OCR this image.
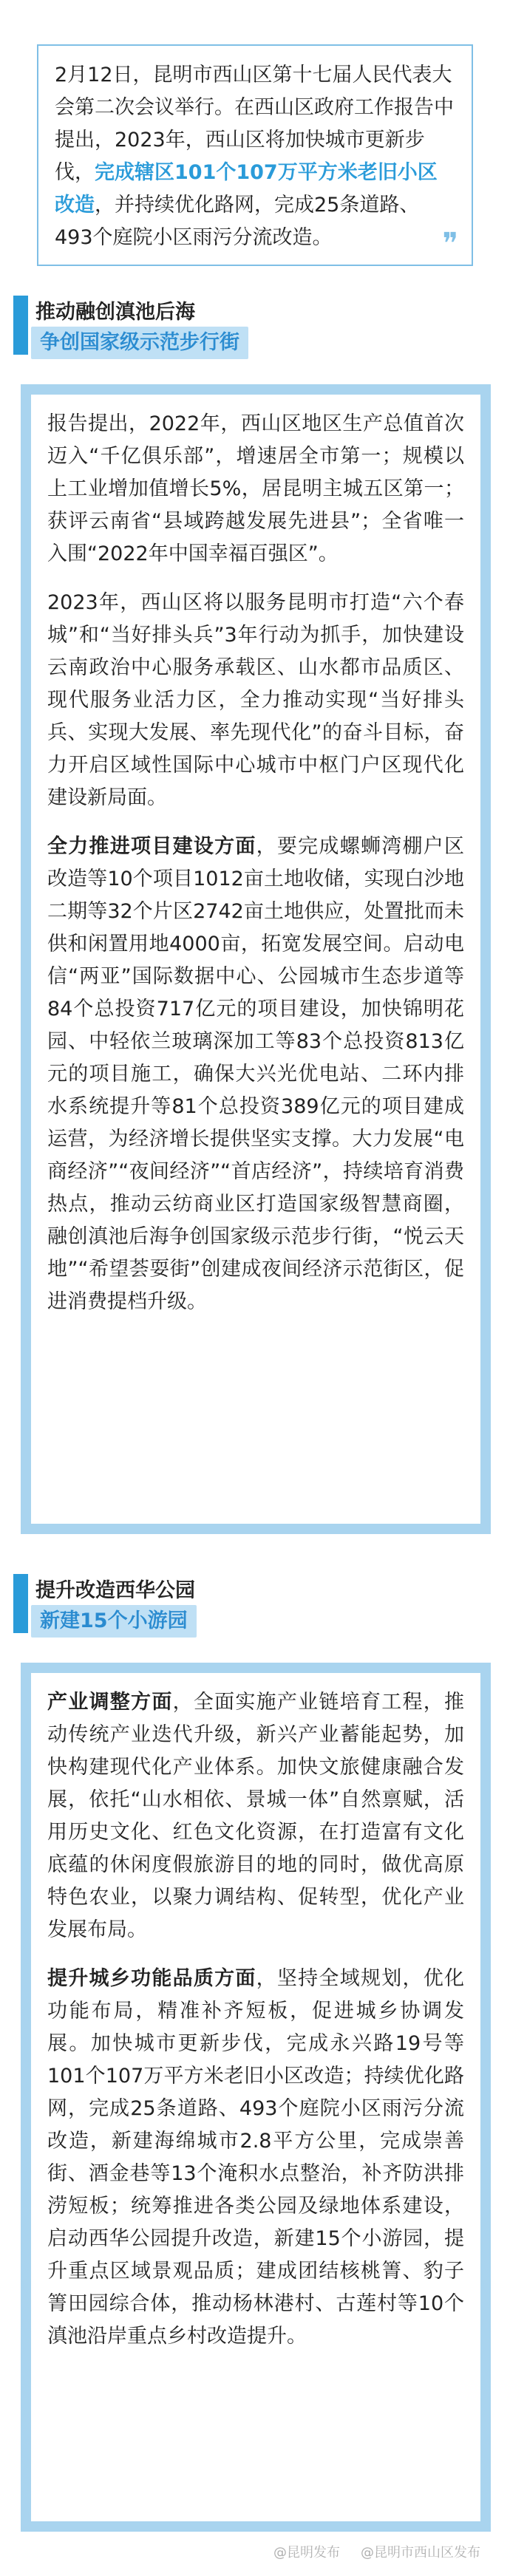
2月12日，昆明市西山区第十七届人民代表大会第二次会议举行。在西山区政府工作报告中提出，2023年，西山区将加快城市更新步伐，完成辖区101个107万平方米老旧小区改造，并持续优化路网，完成25条道路、493个庭院小区雨污分流改造。	❞
推动融创滇池后海
争创国家级示范步行街

报告提出，2022年，西山区地区生产总值首次迈入“千亿俱乐部”，增速居全市第一；规模以上工业增加值增长5%，居昆明主城五区第一；获评云南省“县域跨越发展先进县”；全省唯一入围“2022年中国幸福百强区”。

2023年，西山区将以服务昆明市打造“六个春城”和“当好排头兵”3年行动为抓手，加快建设云南政治中心服务承载区、山水都市品质区、现代服务业活力区，全力推动实现“当好排头兵、实现大发展、率先现代化”的奋斗目标，奋力开启区域性国际中心城市中枢门户区现代化建设新局面。

全力推进项目建设方面，要完成螺蛳湾棚户区改造等10个项目1012亩土地收储，实现白沙地二期等32个片区2742亩土地供应，处置批而未供和闲置用地4000亩，拓宽发展空间。启动电信“两亚”国际数据中心、公园城市生态步道等84个总投资717亿元的项目建设，加快锦明花园、中轻依兰玻璃深加工等83个总投资813亿元的项目施工，确保大兴光优电站、二环内排水系统提升等81个总投资389亿元的项目建成运营，为经济增长提供坚实支撑。大力发展“电商经济”“夜间经济”“首店经济”，持续培育消费热点，推动云纺商业区打造国家级智慧商圈，融创滇池后海争创国家级示范步行街，“悦云天地”“希望荟耍街”创建成夜间经济示范街区，促进消费提档升级。

提升改造西华公园
新建15个小游园

产业调整方面，全面实施产业链培育工程，推动传统产业迭代升级，新兴产业蓄能起势，加快构建现代化产业体系。加快文旅健康融合发展，依托“山水相依、景城一体”自然禀赋，活用历史文化、红色文化资源，在打造富有文化底蕴的休闲度假旅游目的地的同时，做优高原特色农业，以聚力调结构、促转型，优化产业发展布局。

提升城乡功能品质方面，坚持全域规划，优化功能布局，精准补齐短板，促进城乡协调发展。加快城市更新步伐，完成永兴路19号等101个107万平方米老旧小区改造；持续优化路网，完成25条道路、493个庭院小区雨污分流改造，新建海绵城市2.8平方公里，完成崇善街、酒金巷等13个淹积水点整治，补齐防洪排涝短板；统筹推进各类公园及绿地体系建设，启动西华公园提升改造，新建15个小游园，提升重点区域景观品质；建成团结核桃箐、豹子箐田园综合体，推动杨林港村、古莲村等10个滇池沿岸重点乡村改造提升。

@昆明发布 @昆明市西山区发布
